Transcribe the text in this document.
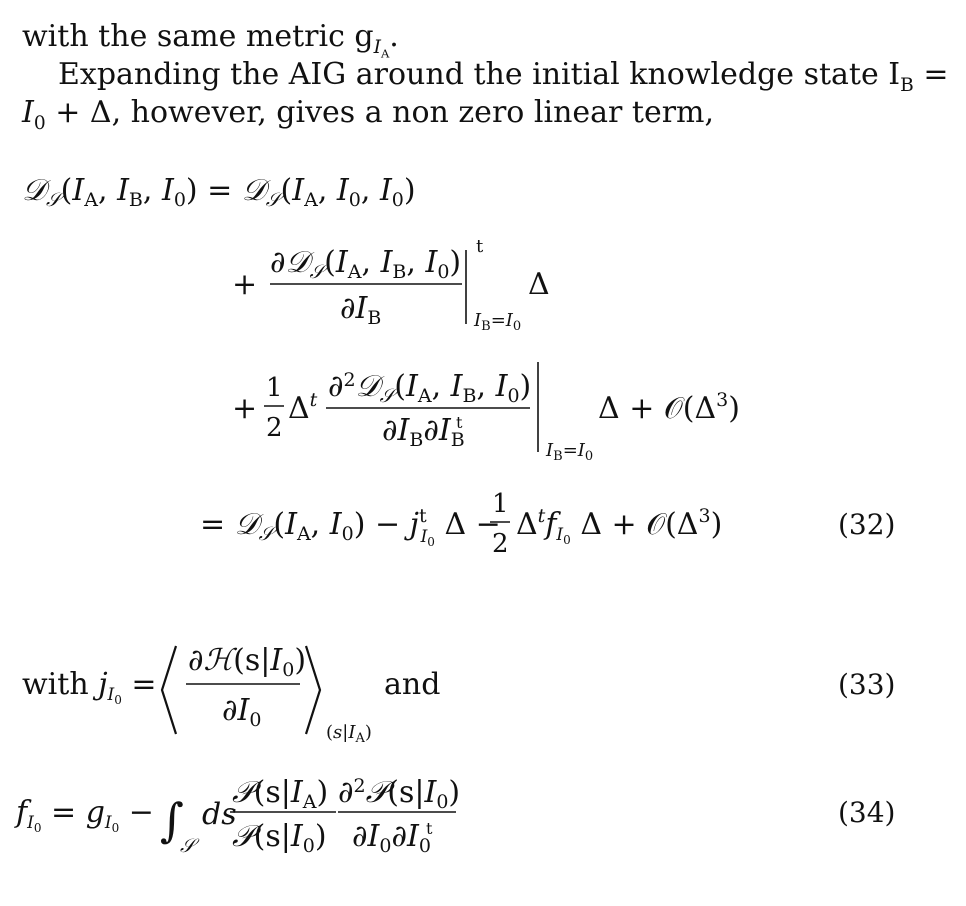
with the same metric $g_{I_A}$.
Expanding the AIG around the initial knowledge state $I_B$ =
$I_0 + \Delta$, however, gives a non zero linear term,
$𝒟_𝒮(I_A$, $I_B$, $I_0$) = $𝒟_𝒮(I_A$, $I_0$, $I_0$)
+
$\partial 𝒟_𝒮(I_A$, $I_B$, $I_0$)
$\partial I_B$
t
$I_B=I_0$
Δ
+
1
2
$\Delta^t$ $\partial^2𝒟_𝒮(I_A$, $I_B$, $I_0$)
$\partial I_B\partial I_B$
t
$I_B=I_0$
$\Delta + 𝒪(\Delta^3)$
= $𝒟_𝒮(I_A$, $I_0) - j^t$ I0 Δ −
1
2
$\Delta^tf_I0$ $\Delta + 𝒪(\Delta^3)$	(32)
with $j_I0$ =
$\partial ℋ(s|I_0)$
$\partial I_0$
$(s|I_A)$
and	(33)
$f_I0 = g_I0$ − ∫
𝒮
ds
$𝒫(s|I_A)$
$𝒫(s|I_0)$
$\partial^2𝒫(s|I_0)$
$\partial I_0\partial I_0$
t	(34)
